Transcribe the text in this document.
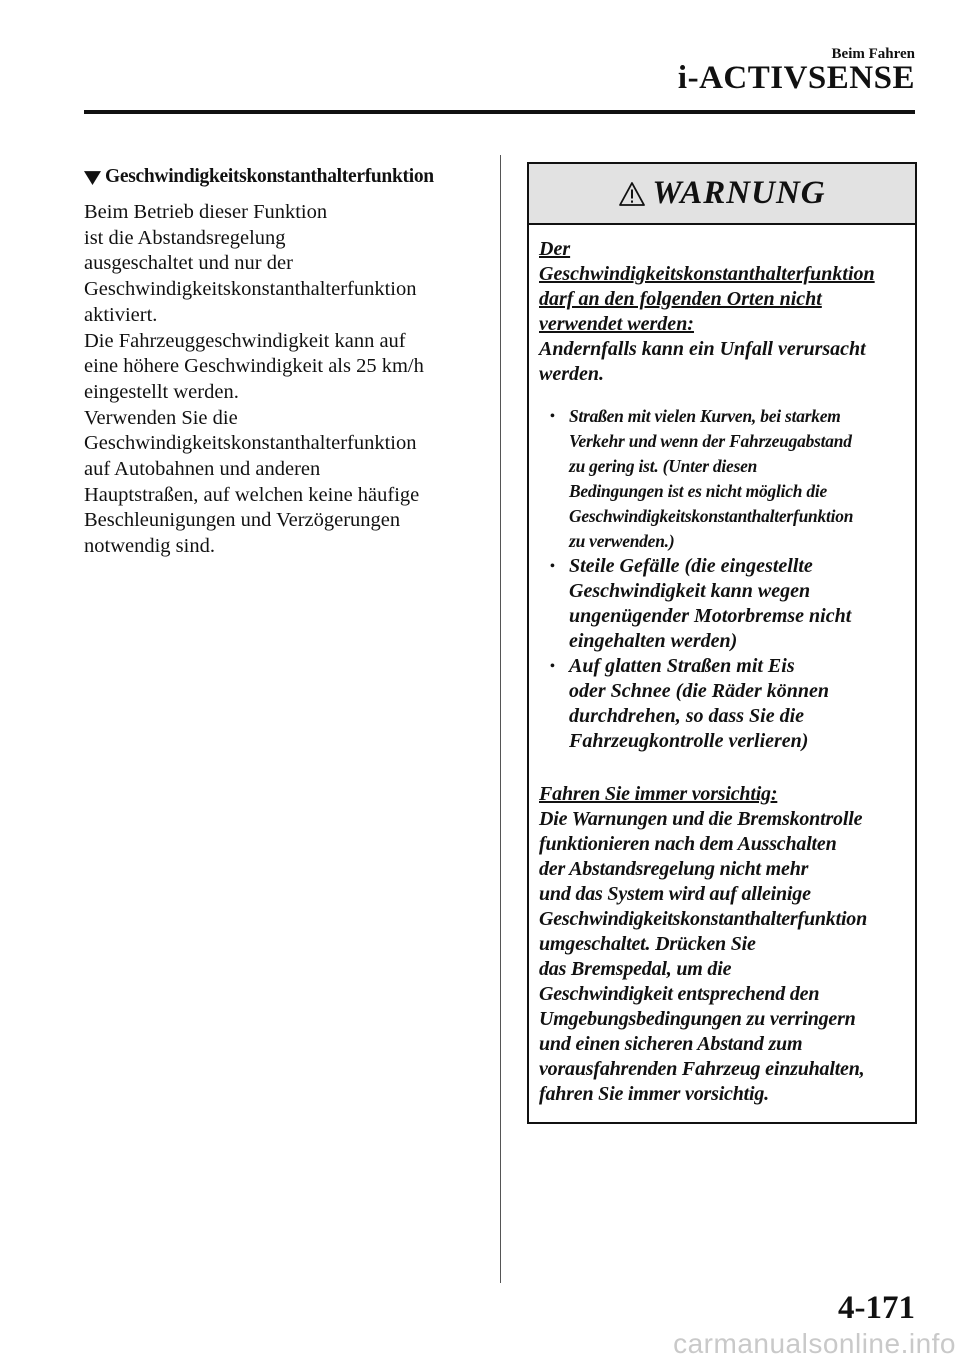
Beim Fahren
i-ACTIVSENSE
Geschwindigkeitskonstanthalterfunktion
Beim Betrieb dieser Funktion
ist die Abstandsregelung
ausgeschaltet und nur der
Geschwindigkeitskonstanthalterfunktion
aktiviert.
Die Fahrzeuggeschwindigkeit kann auf
eine höhere Geschwindigkeit als 25 km/h
eingestellt werden.
Verwenden Sie die
Geschwindigkeitskonstanthalterfunktion
auf Autobahnen und anderen
Hauptstraßen, auf welchen keine häufige
Beschleunigungen und Verzögerungen
notwendig sind.
WARNUNG
Der
Geschwindigkeitskonstanthalterfunktion
darf an den folgenden Orten nicht
verwendet werden:
Andernfalls kann ein Unfall verursacht
werden.
• Straßen mit vielen Kurven, bei starkem
Verkehr und wenn der Fahrzeugabstand
zu gering ist. (Unter diesen
Bedingungen ist es nicht möglich die
Geschwindigkeitskonstanthalterfunktion
zu verwenden.)
• Steile Gefälle (die eingestellte
Geschwindigkeit kann wegen
ungenügender Motorbremse nicht
eingehalten werden)
• Auf glatten Straßen mit Eis
oder Schnee (die Räder können
durchdrehen, so dass Sie die
Fahrzeugkontrolle verlieren)
Fahren Sie immer vorsichtig:
Die Warnungen und die Bremskontrolle
funktionieren nach dem Ausschalten
der Abstandsregelung nicht mehr
und das System wird auf alleinige
Geschwindigkeitskonstanthalterfunktion
umgeschaltet. Drücken Sie
das Bremspedal, um die
Geschwindigkeit entsprechend den
Umgebungsbedingungen zu verringern
und einen sicheren Abstand zum
vorausfahrenden Fahrzeug einzuhalten,
fahren Sie immer vorsichtig.
4-171
carmanualsonline.info
